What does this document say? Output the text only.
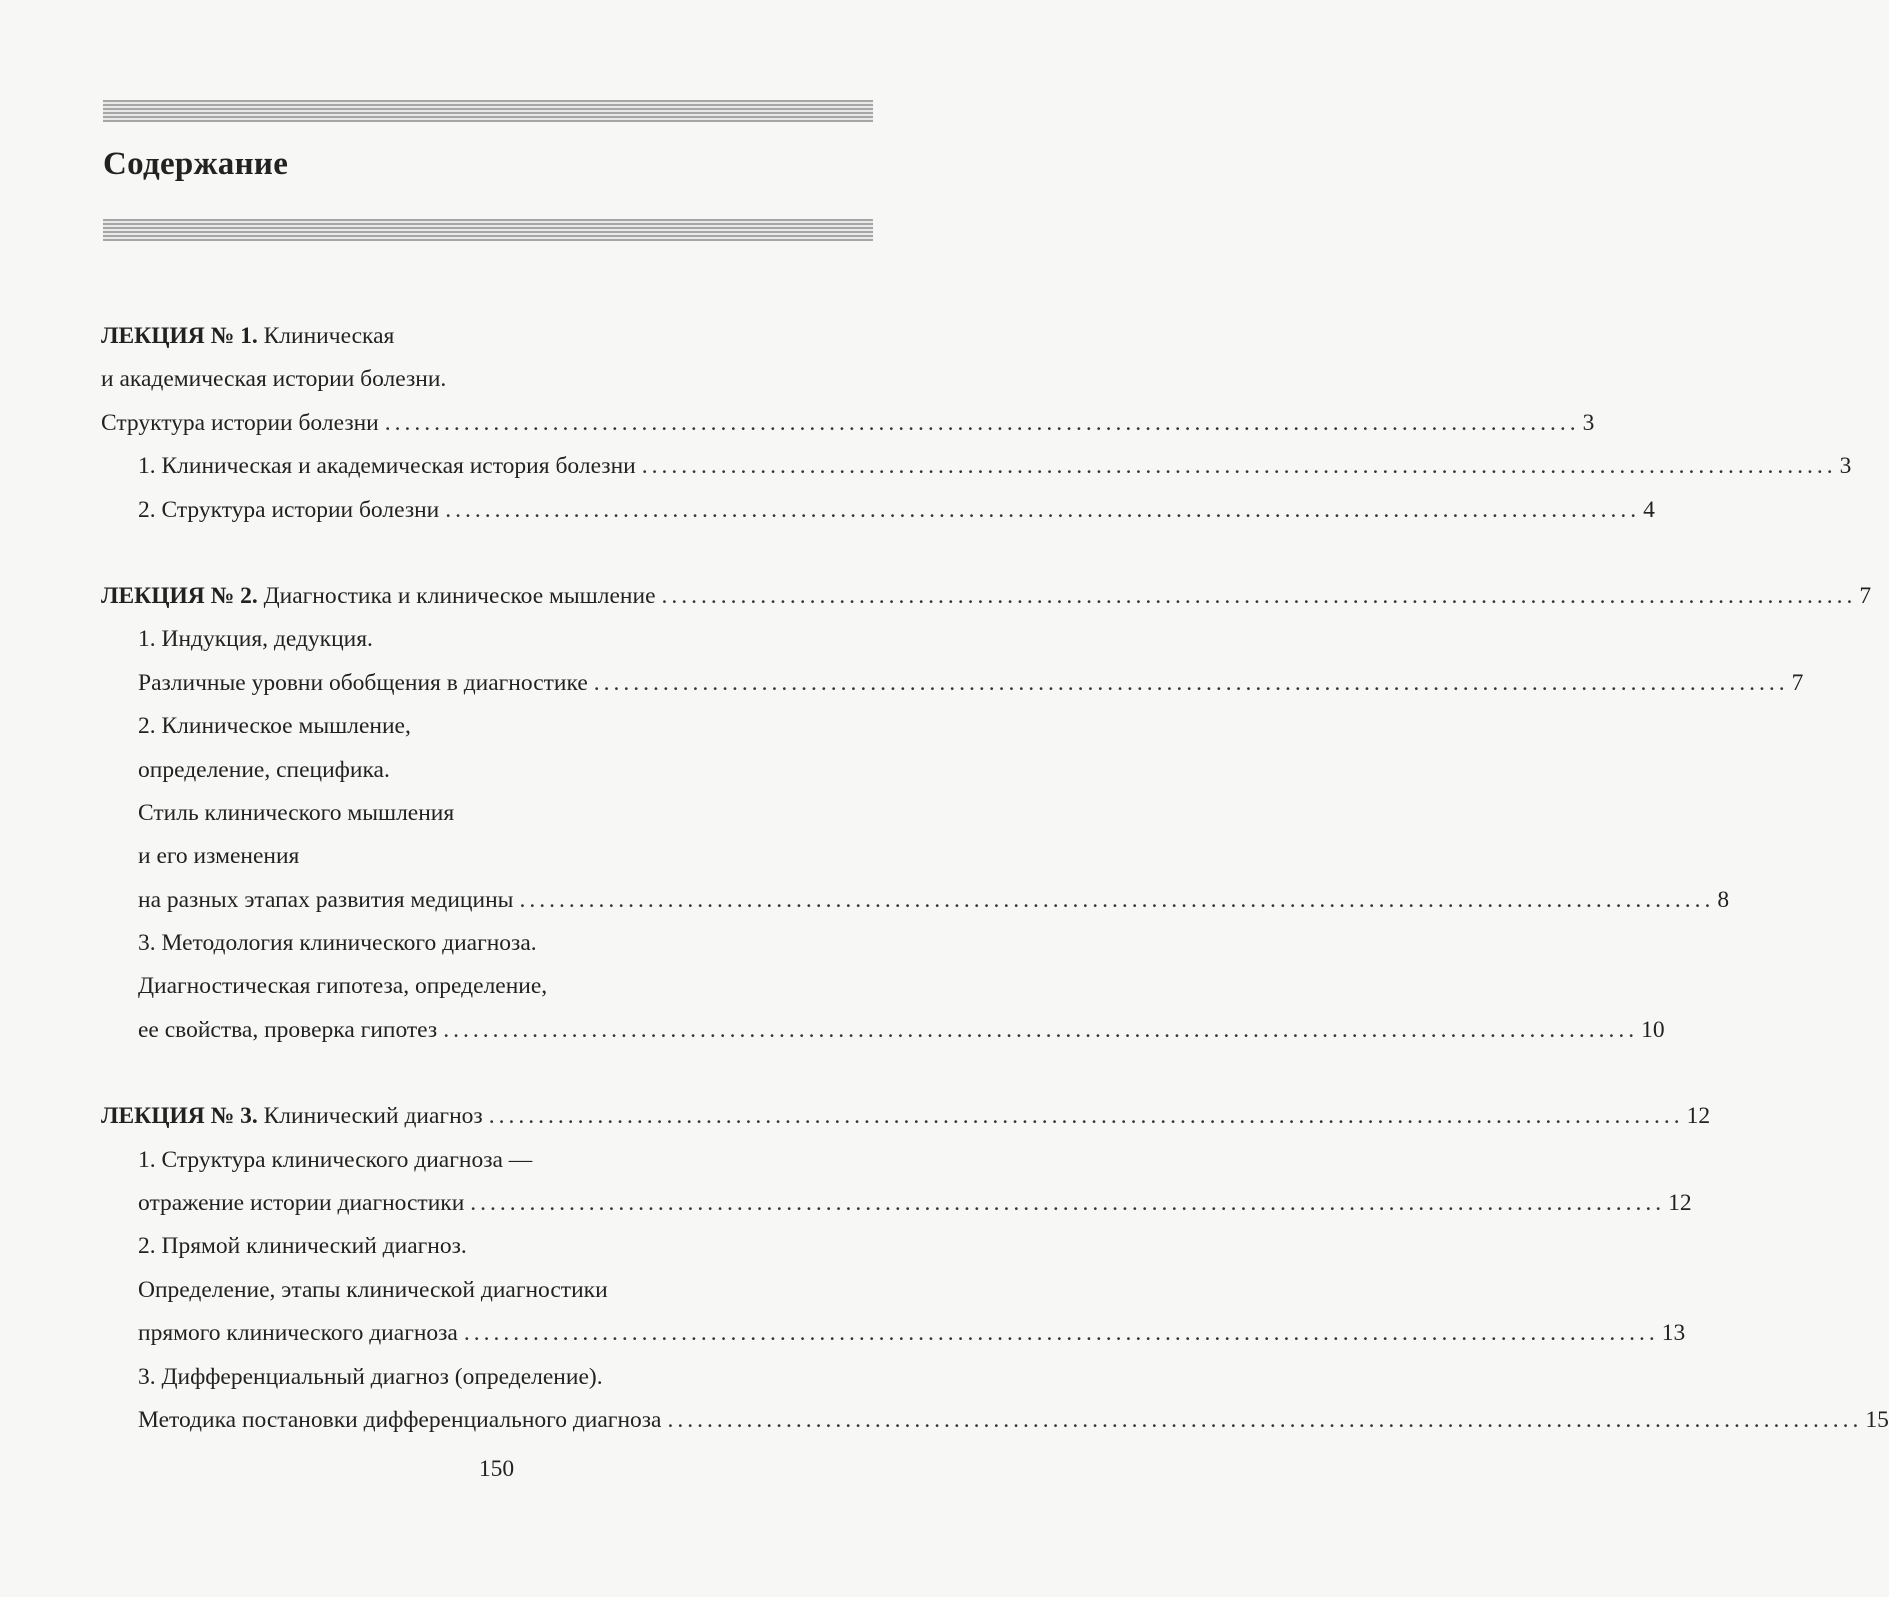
Содержание
ЛЕКЦИЯ № 1. Клиническая
и академическая истории болезни.
Структура истории болезни ......................................................................................................................... 3
1. Клиническая и академическая история болезни ......................................................................................................................... 3
2. Структура истории болезни ......................................................................................................................... 4
ЛЕКЦИЯ № 2. Диагностика и клиническое мышление ......................................................................................................................... 7
1. Индукция, дедукция.
Различные уровни обобщения в диагностике ......................................................................................................................... 7
2. Клиническое мышление,
определение, специфика.
Стиль клинического мышления
и его изменения
на разных этапах развития медицины ......................................................................................................................... 8
3. Методология клинического диагноза.
Диагностическая гипотеза, определение,
ее свойства, проверка гипотез ......................................................................................................................... 10
ЛЕКЦИЯ № 3. Клинический диагноз ......................................................................................................................... 12
1. Структура клинического диагноза —
отражение истории диагностики ......................................................................................................................... 12
2. Прямой клинический диагноз.
Определение, этапы клинической диагностики
прямого клинического диагноза ......................................................................................................................... 13
3. Дифференциальный диагноз (определение).
Методика постановки дифференциального диагноза ......................................................................................................................... 15
150
